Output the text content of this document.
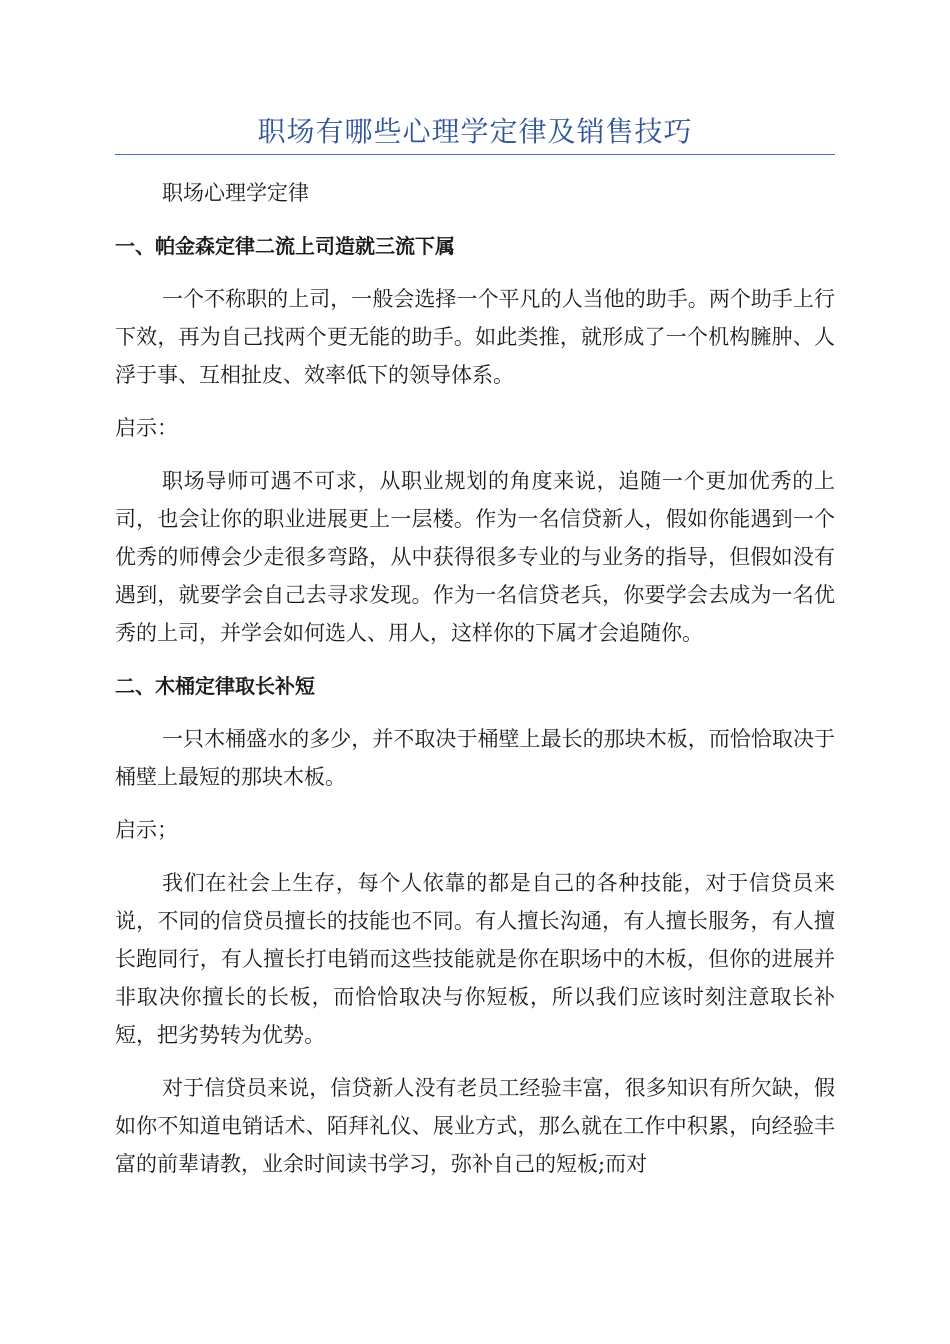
职场有哪些心理学定律及销售技巧

职场心理学定律

一、帕金森定律二流上司造就三流下属

一个不称职的上司，一般会选择一个平凡的人当他的助手。两个助手上行下效，再为自己找两个更无能的助手。如此类推，就形成了一个机构臃肿、人浮于事、互相扯皮、效率低下的领导体系。

启示：

职场导师可遇不可求，从职业规划的角度来说，追随一个更加优秀的上司，也会让你的职业进展更上一层楼。作为一名信贷新人，假如你能遇到一个优秀的师傅会少走很多弯路，从中获得很多专业的与业务的指导，但假如没有遇到，就要学会自己去寻求发现。作为一名信贷老兵，你要学会去成为一名优秀的上司，并学会如何选人、用人，这样你的下属才会追随你。

二、木桶定律取长补短

一只木桶盛水的多少，并不取决于桶壁上最长的那块木板，而恰恰取决于桶壁上最短的那块木板。

启示；

我们在社会上生存，每个人依靠的都是自己的各种技能，对于信贷员来说，不同的信贷员擅长的技能也不同。有人擅长沟通，有人擅长服务，有人擅长跑同行，有人擅长打电销而这些技能就是你在职场中的木板，但你的进展并非取决你擅长的长板，而恰恰取决与你短板，所以我们应该时刻注意取长补短，把劣势转为优势。

对于信贷员来说，信贷新人没有老员工经验丰富，很多知识有所欠缺，假如你不知道电销话术、陌拜礼仪、展业方式，那么就在工作中积累，向经验丰富的前辈请教，业余时间读书学习，弥补自己的短板;而对
